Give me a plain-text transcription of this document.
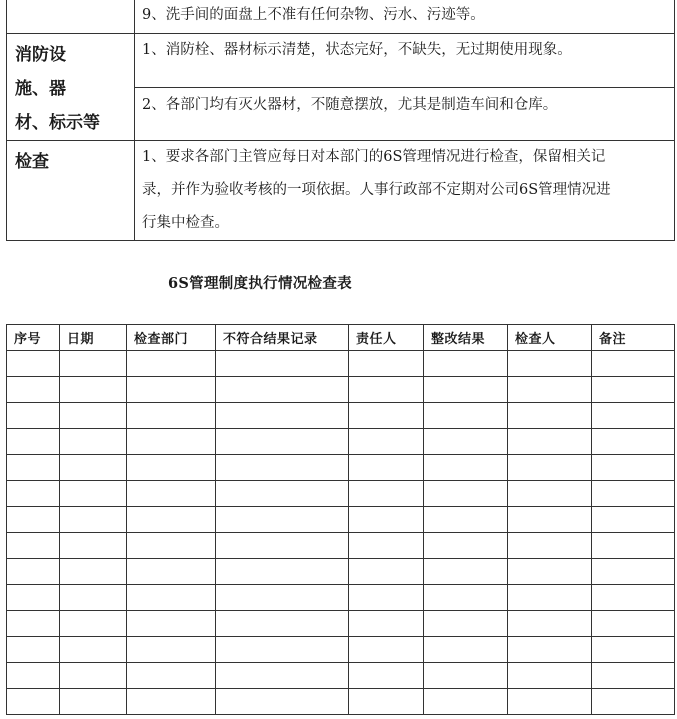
	9、洗手间的面盘上不准有任何杂物、污水、污迹等。

消防设
施、器
材、标示等	1、消防栓、器材标示清楚，状态完好，不缺失，无过期使用现象。

	2、各部门均有灭火器材，不随意摆放，尤其是制造车间和仓库。

检查	1、要求各部门主管应每日对本部门的6S管理情况进行检查，保留相关记
录，并作为验收考核的一项依据。人事行政部不定期对公司6S管理情况进
行集中检查。
6S管理制度执行情况检查表
序号	日期	检查部门	不符合结果记录	责任人	整改结果	检查人	备注
